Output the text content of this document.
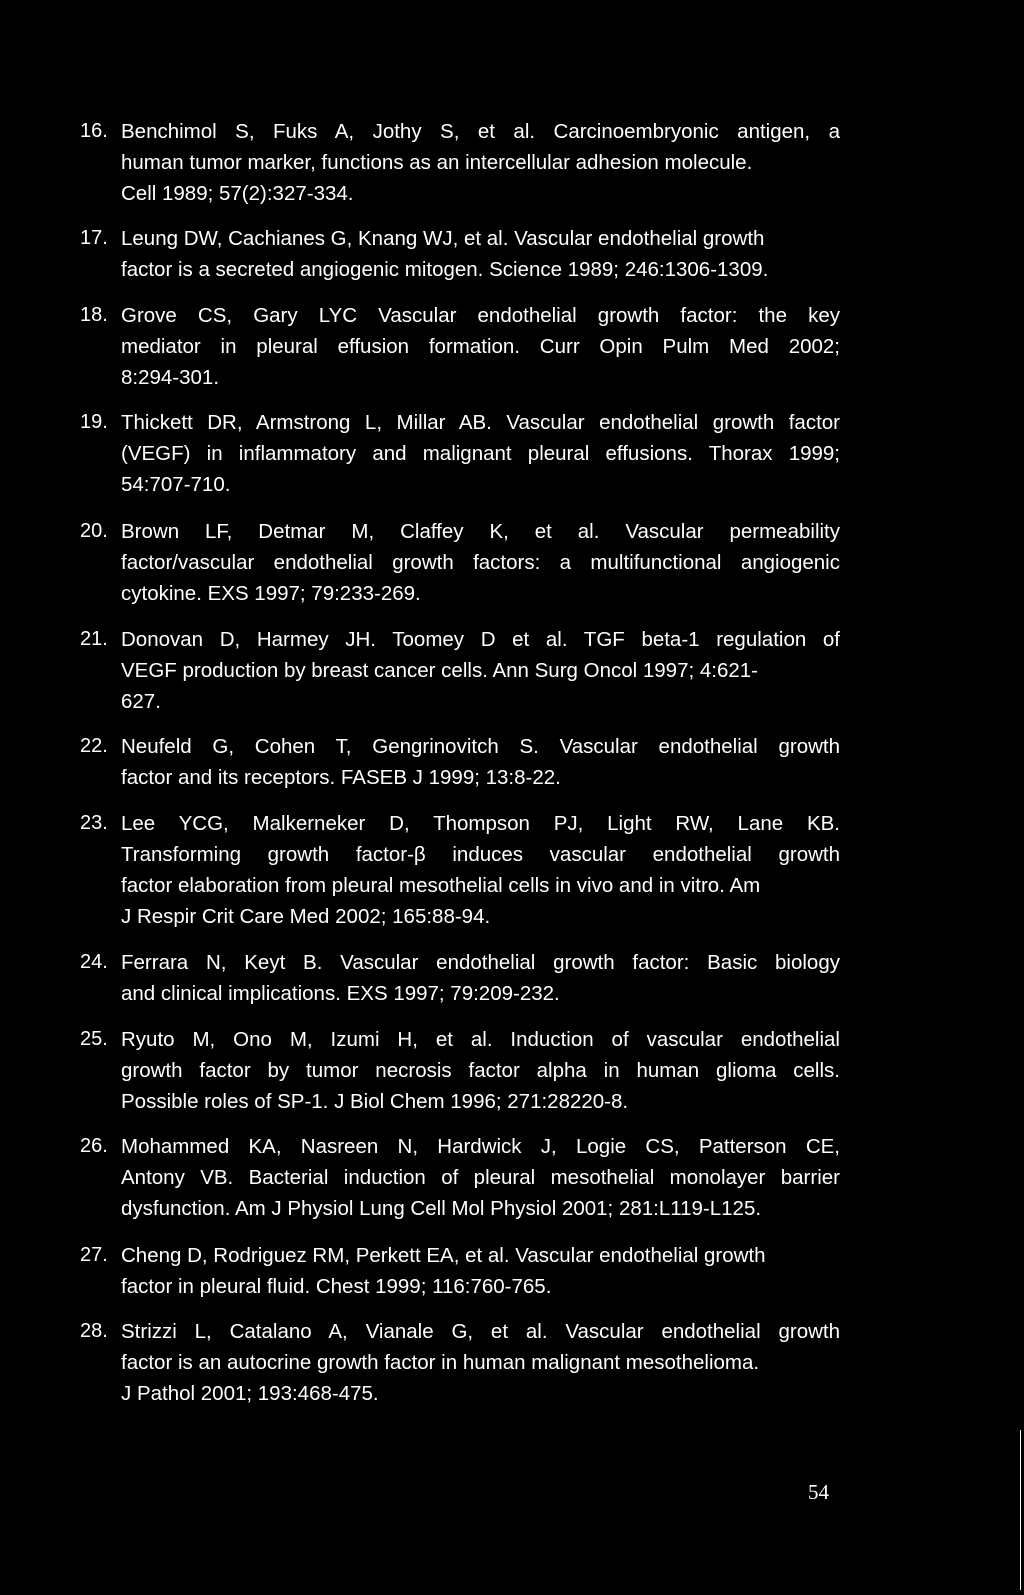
16. Benchimol S, Fuks A, Jothy S, et al. Carcinoembryonic antigen, a
human tumor marker, functions as an intercellular adhesion molecule.
Cell 1989; 57(2):327-334.
17. Leung DW, Cachianes G, Knang WJ, et al. Vascular endothelial growth
factor is a secreted angiogenic mitogen. Science 1989; 246:1306-1309.
18. Grove CS, Gary LYC Vascular endothelial growth factor: the key
mediator in pleural effusion formation. Curr Opin Pulm Med 2002;
8:294-301.
19. Thickett DR, Armstrong L, Millar AB. Vascular endothelial growth factor
(VEGF) in inflammatory and malignant pleural effusions. Thorax 1999;
54:707-710.
20. Brown LF, Detmar M, Claffey K, et al. Vascular permeability
factor/vascular endothelial growth factors: a multifunctional angiogenic
cytokine. EXS 1997; 79:233-269.
21. Donovan D, Harmey JH. Toomey D et al. TGF beta-1 regulation of
VEGF production by breast cancer cells. Ann Surg Oncol 1997; 4:621-
627.
22. Neufeld G, Cohen T, Gengrinovitch S. Vascular endothelial growth
factor and its receptors. FASEB J 1999; 13:8-22.
23. Lee YCG, Malkerneker D, Thompson PJ, Light RW, Lane KB.
Transforming growth factor-β induces vascular endothelial growth
factor elaboration from pleural mesothelial cells in vivo and in vitro. Am
J Respir Crit Care Med 2002; 165:88-94.
24. Ferrara N, Keyt B. Vascular endothelial growth factor: Basic biology
and clinical implications. EXS 1997; 79:209-232.
25. Ryuto M, Ono M, Izumi H, et al. Induction of vascular endothelial
growth factor by tumor necrosis factor alpha in human glioma cells.
Possible roles of SP-1. J Biol Chem 1996; 271:28220-8.
26. Mohammed KA, Nasreen N, Hardwick J, Logie CS, Patterson CE,
Antony VB. Bacterial induction of pleural mesothelial monolayer barrier
dysfunction. Am J Physiol Lung Cell Mol Physiol 2001; 281:L119-L125.
27. Cheng D, Rodriguez RM, Perkett EA, et al. Vascular endothelial growth
factor in pleural fluid. Chest 1999; 116:760-765.
28. Strizzi L, Catalano A, Vianale G, et al. Vascular endothelial growth
factor is an autocrine growth factor in human malignant mesothelioma.
J Pathol 2001; 193:468-475.
54
